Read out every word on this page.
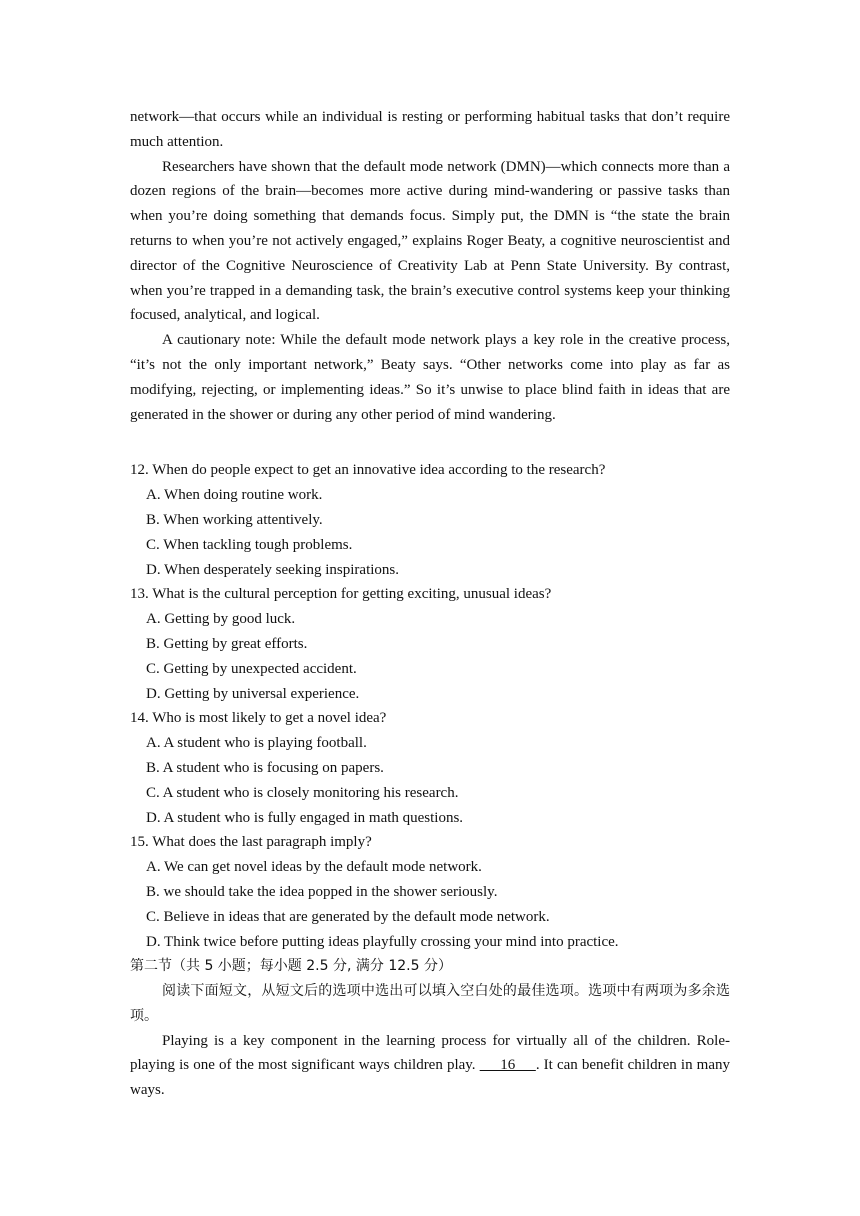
network—that occurs while an individual is resting or performing habitual tasks that don’t require much attention.

Researchers have shown that the default mode network (DMN)—which connects more than a dozen regions of the brain—becomes more active during mind-wandering or passive tasks than when you’re doing something that demands focus. Simply put, the DMN is “the state the brain returns to when you’re not actively engaged,” explains Roger Beaty, a cognitive neuroscientist and director of the Cognitive Neuroscience of Creativity Lab at Penn State University. By contrast, when you’re trapped in a demanding task, the brain’s executive control systems keep your thinking focused, analytical, and logical.

A cautionary note: While the default mode network plays a key role in the creative process, “it’s not the only important network,” Beaty says. “Other networks come into play as far as modifying, rejecting, or implementing ideas.” So it’s unwise to place blind faith in ideas that are generated in the shower or during any other period of mind wandering.

12. When do people expect to get an innovative idea according to the research?

A. When doing routine work.

B. When working attentively.

C. When tackling tough problems.

D. When desperately seeking inspirations.

13. What is the cultural perception for getting exciting, unusual ideas?

A. Getting by good luck.

B. Getting by great efforts.

C. Getting by unexpected accident.

D. Getting by universal experience.

14. Who is most likely to get a novel idea?

A. A student who is playing football.

B. A student who is focusing on papers.

C. A student who is closely monitoring his research.

D. A student who is fully engaged in math questions.

15. What does the last paragraph imply?

A. We can get novel ideas by the default mode network.

B. we should take the idea popped in the shower seriously.

C. Believe in ideas that are generated by the default mode network.

D. Think twice before putting ideas playfully crossing your mind into practice.

第二节（共 5 小题；每小题 2.5 分, 满分 12.5 分）

阅读下面短文，从短文后的选项中选出可以填入空白处的最佳选项。选项中有两项为多余选项。

Playing is a key component in the learning process for virtually all of the children. Role-playing is one of the most significant ways children play.      16     . It can benefit children in many ways.
